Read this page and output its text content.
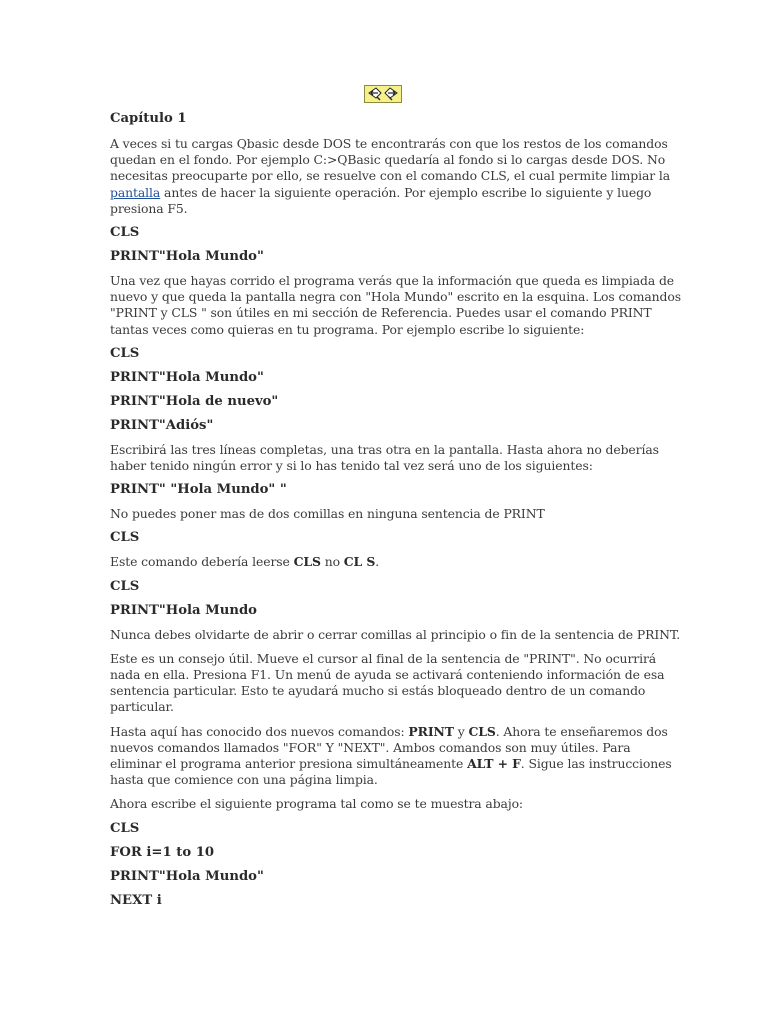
Capítulo 1

A veces si tu cargas Qbasic desde DOS te encontrarás con que los restos de los comandos

quedan en el fondo. Por ejemplo C:>QBasic quedaría al fondo si lo cargas desde DOS. No

necesitas preocuparte por ello, se resuelve con el comando CLS, el cual permite limpiar la

pantalla antes de hacer la siguiente operación. Por ejemplo escribe lo siguiente y luego

presiona F5.

CLS

PRINT"Hola Mundo"

Una vez que hayas corrido el programa verás que la información que queda es limpiada de

nuevo y que queda la pantalla negra con "Hola Mundo" escrito en la esquina. Los comandos

"PRINT y CLS " son útiles en mi sección de Referencia. Puedes usar el comando PRINT

tantas veces como quieras en tu programa. Por ejemplo escribe lo siguiente:

CLS

PRINT"Hola Mundo"

PRINT"Hola de nuevo"

PRINT"Adiós"

Escribirá las tres líneas completas, una tras otra en la pantalla. Hasta ahora no deberías

haber tenido ningún error y si lo has tenido tal vez será uno de los siguientes:

PRINT" "Hola Mundo" "

No puedes poner mas de dos comillas en ninguna sentencia de PRINT

CLS

Este comando debería leerse CLS no CL S.

CLS

PRINT"Hola Mundo

Nunca debes olvidarte de abrir o cerrar comillas al principio o fin de la sentencia de PRINT.

Este es un consejo útil. Mueve el cursor al final de la sentencia de "PRINT". No ocurrirá

nada en ella. Presiona F1. Un menú de ayuda se activará conteniendo información de esa

sentencia particular. Esto te ayudará mucho si estás bloqueado dentro de un comando

particular.

Hasta aquí has conocido dos nuevos comandos: PRINT y CLS. Ahora te enseñaremos dos

nuevos comandos llamados "FOR" Y "NEXT". Ambos comandos son muy útiles. Para

eliminar el programa anterior presiona simultáneamente ALT + F. Sigue las instrucciones

hasta que comience con una página limpia.

Ahora escribe el siguiente programa tal como se te muestra abajo:

CLS

FOR i=1 to 10

PRINT"Hola Mundo"

NEXT i
